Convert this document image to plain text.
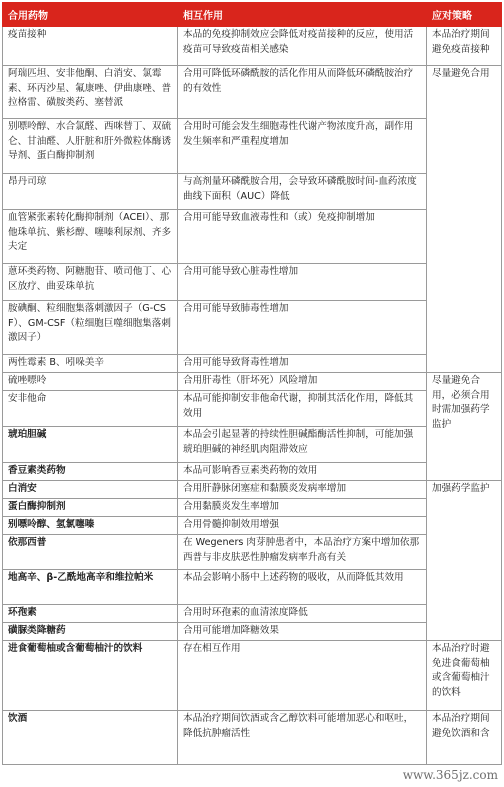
合用药物	相互作用	应对策略
疫苗接种	本品的免疫抑制效应会降低对疫苗接种的反应，使用活疫苗可导致疫苗相关感染	本品治疗期间避免疫苗接种
阿瑞匹坦、安非他酮、白消安、氯霉素、环丙沙星、氟康唑、伊曲康唑、普拉格雷、磺胺类药、塞替派	合用可降低环磷酰胺的活化作用从而降低环磷酰胺治疗的有效性	尽量避免合用
别嘌呤醇、水合氯醛、西咪替丁、双硫仑、甘油醛、人肝脏和肝外微粒体酶诱导剂、蛋白酶抑制剂	合用时可能会发生细胞毒性代谢产物浓度升高，副作用发生频率和严重程度增加	
昂丹司琼	与高剂量环磷酰胺合用，会导致环磷酰胺时间-血药浓度曲线下面积（AUC）降低	
血管紧张素转化酶抑制剂（ACEI）、那他珠单抗、紫杉醇、噻嗪利尿剂、齐多夫定	合用可能导致血液毒性和（或）免疫抑制增加	
蒽环类药物、阿糖胞苷、喷司他丁、心区放疗、曲妥珠单抗	合用可能导致心脏毒性增加	
胺碘酮、粒细胞集落刺激因子（G-CSF）、GM-CSF（粒细胞巨噬细胞集落刺激因子）	合用可能导致肺毒性增加	
两性霉素 B、吲哚美辛	合用可能导致肾毒性增加	
硫唑嘌呤	合用肝毒性（肝坏死）风险增加	尽量避免合用，必须合用时需加强药学监护
安非他命	本品可能抑制安非他命代谢，抑制其活化作用，降低其效用	
琥珀胆碱	本品会引起显著的持续性胆碱酯酶活性抑制，可能加强琥珀胆碱的神经肌肉阻滞效应	
香豆素类药物	本品可影响香豆素类药物的效用	
白消安	合用肝静脉闭塞症和黏膜炎发病率增加	加强药学监护
蛋白酶抑制剂	合用黏膜炎发生率增加	
别嘌呤醇、氢氯噻嗪	合用骨髓抑制效用增强	
依那西普	在 Wegeners 肉芽肿患者中，本品治疗方案中增加依那西普与非皮肤恶性肿瘤发病率升高有关	
地高辛、β-乙酰地高辛和维拉帕米	本品会影响小肠中上述药物的吸收，从而降低其效用	
环孢素	合用时环孢素的血清浓度降低	
磺脲类降糖药	合用可能增加降糖效果	
进食葡萄柚或含葡萄柚汁的饮料	存在相互作用	本品治疗时避免进食葡萄柚或含葡萄柚汁的饮料
饮酒	本品治疗期间饮酒或含乙醇饮料可能增加恶心和呕吐，降低抗肿瘤活性	本品治疗期间避免饮酒和含
www.365jz.com
